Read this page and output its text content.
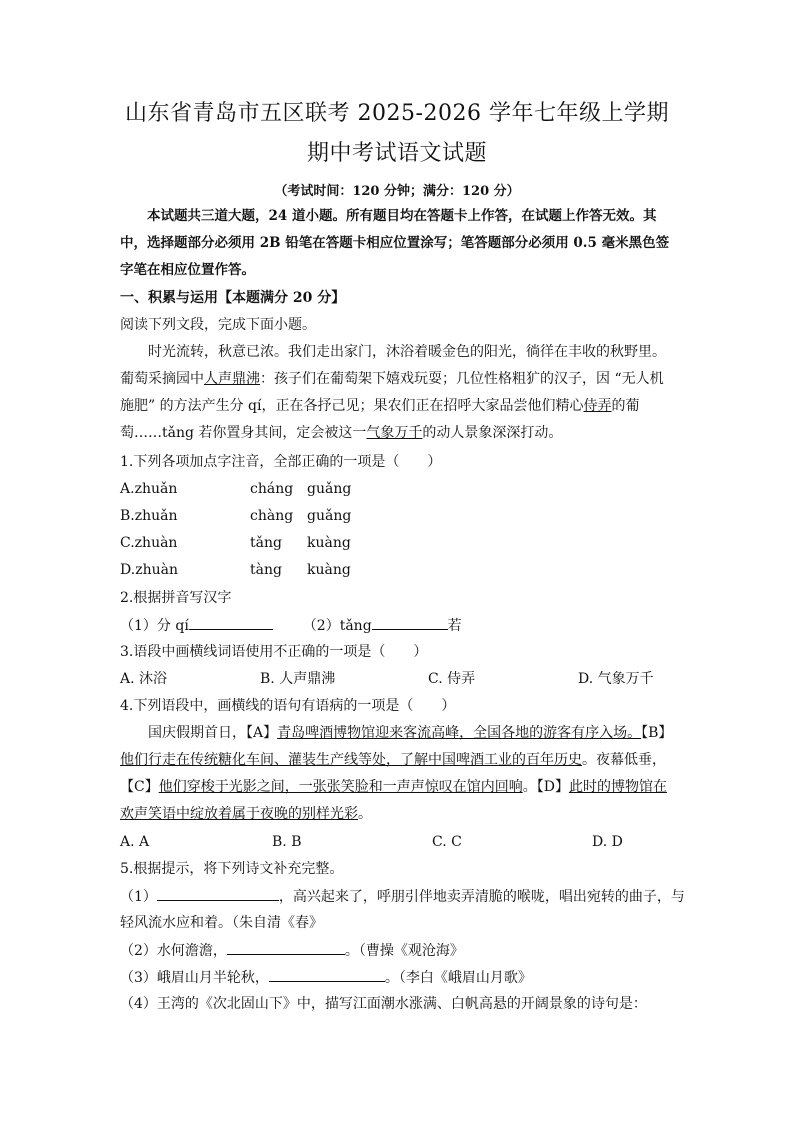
山东省青岛市五区联考 2025-2026 学年七年级上学期
期中考试语文试题
（考试时间：120 分钟；满分：120 分）
本试题共三道大题，24 道小题。所有题目均在答题卡上作答，在试题上作答无效。其中，选择题部分必须用 2B 铅笔在答题卡相应位置涂写；笔答题部分必须用 0.5 毫米黑色签字笔在相应位置作答。
一、积累与运用【本题满分 20 分】
阅读下列文段，完成下面小题。
时光流转，秋意已浓。我们走出家门，沐浴着暖金色的阳光，徜徉在丰收的秋野里。
葡萄采摘园中人声鼎沸：孩子们在葡萄架下嬉戏玩耍；几位性格粗犷的汉子，因 “无人机
施肥” 的方法产生分 qí，正在各抒己见；果农们正在招呼大家品尝他们精心侍弄的葡
萄……tǎng 若你置身其间，定会被这一气象万千的动人景象深深打动。
1.下列各项加点字注音，全部正确的一项是（　　）
A.zhuǎn	cháng guǎng
B.zhuǎn	chàng guǎng
C.zhuàn	tǎng kuàng
D.zhuàn	tàng kuàng
2.根据拼音写汉字
（1）分 qí	（2）tǎng	若
3.语段中画横线词语使用不正确的一项是（　　）
A. 沐浴	B. 人声鼎沸	C. 侍弄	D. 气象万千
4.下列语段中，画横线的语句有语病的一项是（　　）
国庆假期首日，【A】青岛啤酒博物馆迎来客流高峰，全国各地的游客有序入场。【B】
他们行走在传统糖化车间、灌装生产线等处，了解中国啤酒工业的百年历史。夜幕低垂，
【C】他们穿梭于光影之间，一张张笑脸和一声声惊叹在馆内回响。【D】此时的博物馆在
欢声笑语中绽放着属于夜晚的别样光彩。
A. A	B. B	C. C	D. D
5.根据提示，将下列诗文补充完整。
（1）	，高兴起来了，呼朋引伴地卖弄清脆的喉咙，唱出宛转的曲子，与
轻风流水应和着。（朱自清《春》
（2）水何澹澹，	。（曹操《观沧海》
（3）峨眉山月半轮秋，	。（李白《峨眉山月歌》
（4）王湾的《次北固山下》中，描写江面潮水涨满、白帆高悬的开阔景象的诗句是：
